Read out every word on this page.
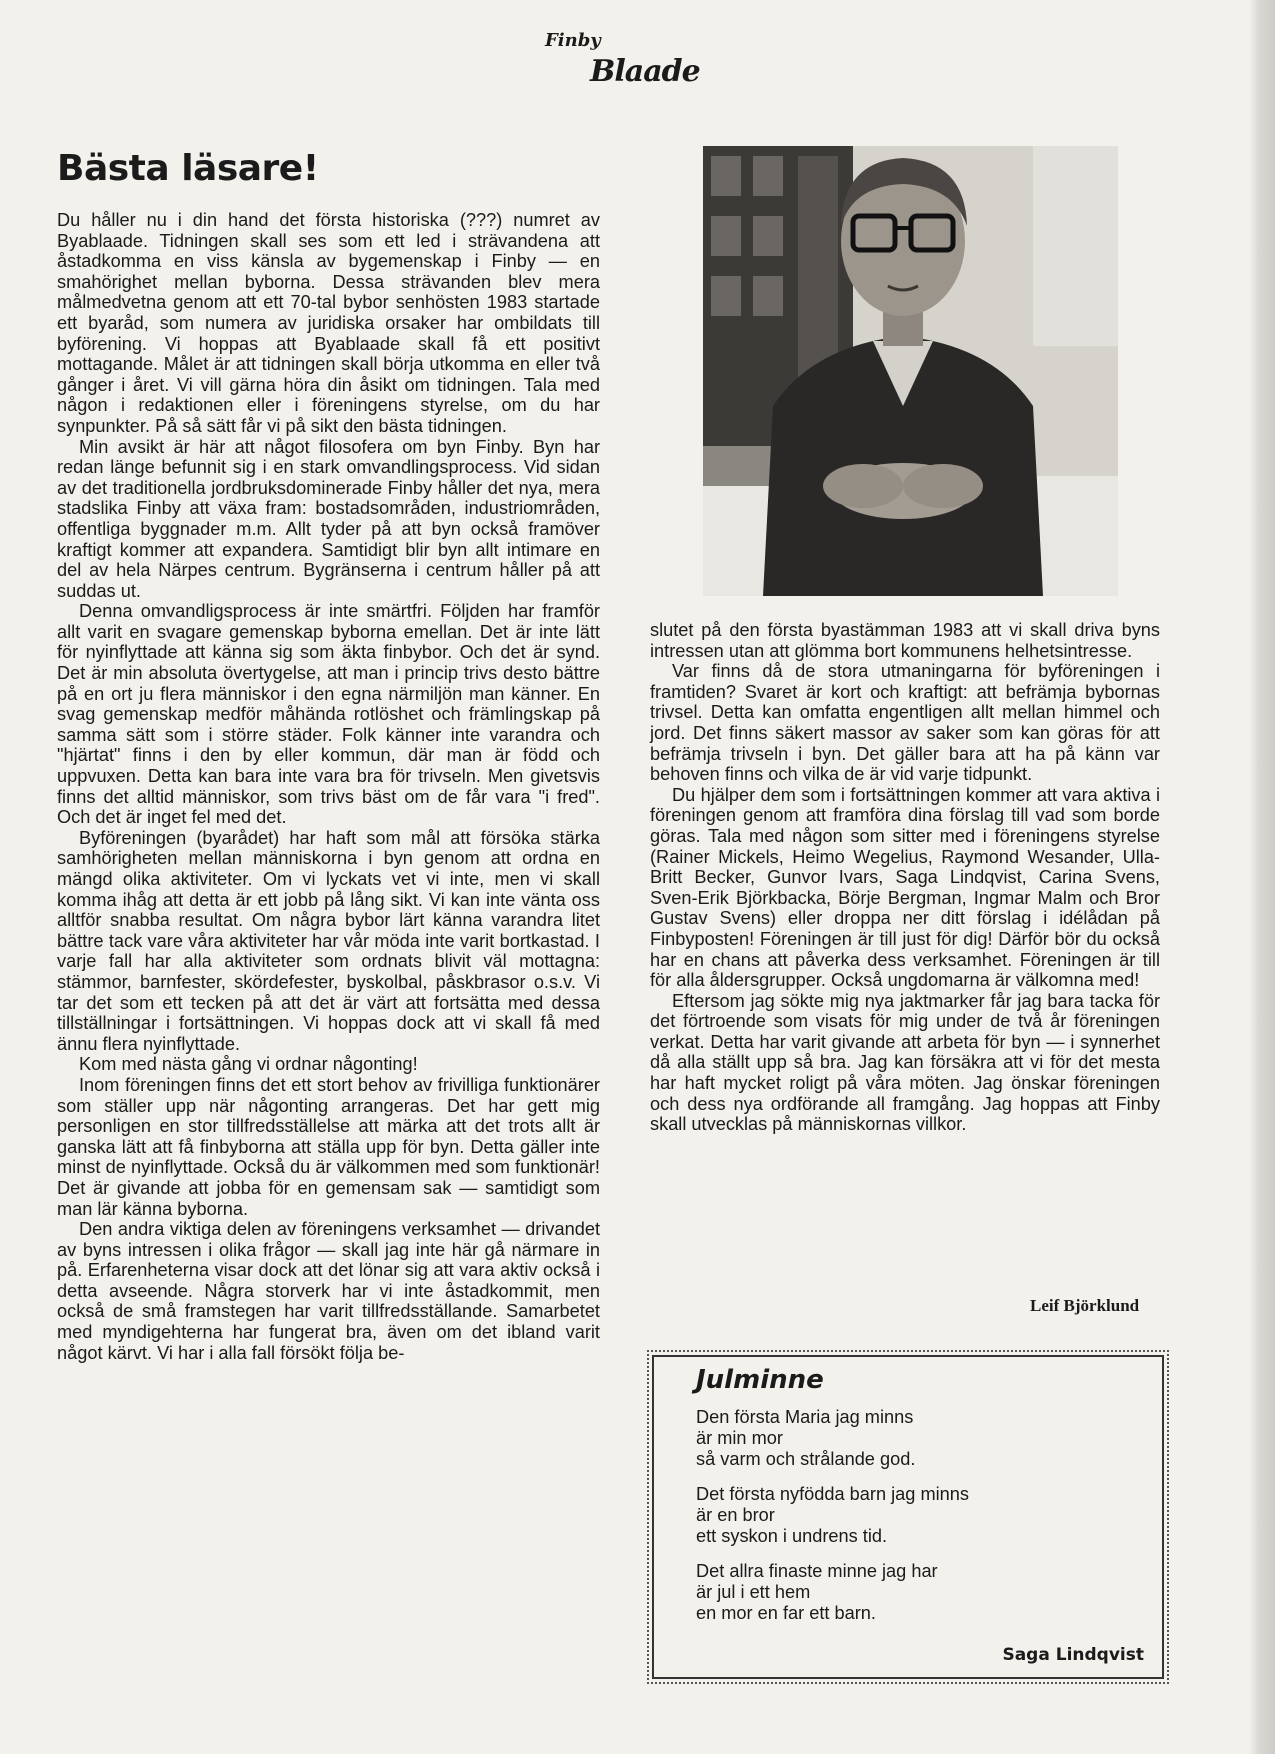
Finby
Blaade
Bästa läsare!

Du håller nu i din hand det första historiska (???) numret av Byablaade. Tidningen skall ses som ett led i strävandena att åstadkomma en viss känsla av bygemenskap i Finby — en smahörighet mellan byborna. Dessa strävanden blev mera målmedvetna genom att ett 70-tal bybor senhösten 1983 startade ett byaråd, som numera av juridiska orsaker har ombildats till byförening. Vi hoppas att Byablaade skall få ett positivt mottagande. Målet är att tidningen skall börja utkomma en eller två gånger i året. Vi vill gärna höra din åsikt om tidningen. Tala med någon i redaktionen eller i föreningens styrelse, om du har synpunkter. På så sätt får vi på sikt den bästa tidningen.

Min avsikt är här att något filosofera om byn Finby. Byn har redan länge befunnit sig i en stark omvandlingsprocess. Vid sidan av det traditionella jordbruksdominerade Finby håller det nya, mera stadslika Finby att växa fram: bostadsområden, industriområden, offentliga byggnader m.m. Allt tyder på att byn också framöver kraftigt kommer att expandera. Samtidigt blir byn allt intimare en del av hela Närpes centrum. Bygränserna i centrum håller på att suddas ut.

Denna omvandligsprocess är inte smärtfri. Följden har framför allt varit en svagare gemenskap byborna emellan. Det är inte lätt för nyinflyttade att känna sig som äkta finbybor. Och det är synd. Det är min absoluta övertygelse, att man i princip trivs desto bättre på en ort ju flera människor i den egna närmiljön man känner. En svag gemenskap medför måhända rotlöshet och främlingskap på samma sätt som i större städer. Folk känner inte varandra och "hjärtat" finns i den by eller kommun, där man är född och uppvuxen. Detta kan bara inte vara bra för trivseln. Men givetsvis finns det alltid människor, som trivs bäst om de får vara "i fred". Och det är inget fel med det.

Byföreningen (byarådet) har haft som mål att försöka stärka samhörigheten mellan människorna i byn genom att ordna en mängd olika aktiviteter. Om vi lyckats vet vi inte, men vi skall komma ihåg att detta är ett jobb på lång sikt. Vi kan inte vänta oss alltför snabba resultat. Om några bybor lärt känna varandra litet bättre tack vare våra aktiviteter har vår möda inte varit bortkastad. I varje fall har alla aktiviteter som ordnats blivit väl mottagna: stämmor, barnfester, skördefester, byskolbal, påskbrasor o.s.v. Vi tar det som ett tecken på att det är värt att fortsätta med dessa tillställningar i fortsättningen. Vi hoppas dock att vi skall få med ännu flera nyinflyttade.

Kom med nästa gång vi ordnar någonting!

Inom föreningen finns det ett stort behov av frivilliga funktionärer som ställer upp när någonting arrangeras. Det har gett mig personligen en stor tillfredsställelse att märka att det trots allt är ganska lätt att få finbyborna att ställa upp för byn. Detta gäller inte minst de nyinflyttade. Också du är välkommen med som funktionär! Det är givande att jobba för en gemensam sak — samtidigt som man lär känna byborna.

Den andra viktiga delen av föreningens verksamhet — drivandet av byns intressen i olika frågor — skall jag inte här gå närmare in på. Erfarenheterna visar dock att det lönar sig att vara aktiv också i detta avseende. Några storverk har vi inte åstadkommit, men också de små framstegen har varit tillfredsställande. Samarbetet med myndigehterna har fungerat bra, även om det ibland varit något kärvt. Vi har i alla fall försökt följa be-

slutet på den första byastämman 1983 att vi skall driva byns intressen utan att glömma bort kommunens helhetsintresse.

Var finns då de stora utmaningarna för byföreningen i framtiden? Svaret är kort och kraftigt: att befrämja bybornas trivsel. Detta kan omfatta engentligen allt mellan himmel och jord. Det finns säkert massor av saker som kan göras för att befrämja trivseln i byn. Det gäller bara att ha på känn var behoven finns och vilka de är vid varje tidpunkt.

Du hjälper dem som i fortsättningen kommer att vara aktiva i föreningen genom att framföra dina förslag till vad som borde göras. Tala med någon som sitter med i föreningens styrelse (Rainer Mickels, Heimo Wegelius, Raymond Wesander, Ulla-Britt Becker, Gunvor Ivars, Saga Lindqvist, Carina Svens, Sven-Erik Björkbacka, Börje Bergman, Ingmar Malm och Bror Gustav Svens) eller droppa ner ditt förslag i idélådan på Finbyposten! Föreningen är till just för dig! Därför bör du också har en chans att påverka dess verksamhet. Föreningen är till för alla åldersgrupper. Också ungdomarna är välkomna med!

Eftersom jag sökte mig nya jaktmarker får jag bara tacka för det förtroende som visats för mig under de två år föreningen verkat. Detta har varit givande att arbeta för byn — i synnerhet då alla ställt upp så bra. Jag kan försäkra att vi för det mesta har haft mycket roligt på våra möten. Jag önskar föreningen och dess nya ordförande all framgång. Jag hoppas att Finby skall utvecklas på människornas villkor.

Leif Björklund
Julminne
Den första Maria jag minns
är min mor
så varm och strålande god.
Det första nyfödda barn jag minns
är en bror
ett syskon i undrens tid.
Det allra finaste minne jag har
är jul i ett hem
en mor en far ett barn.
Saga Lindqvist
